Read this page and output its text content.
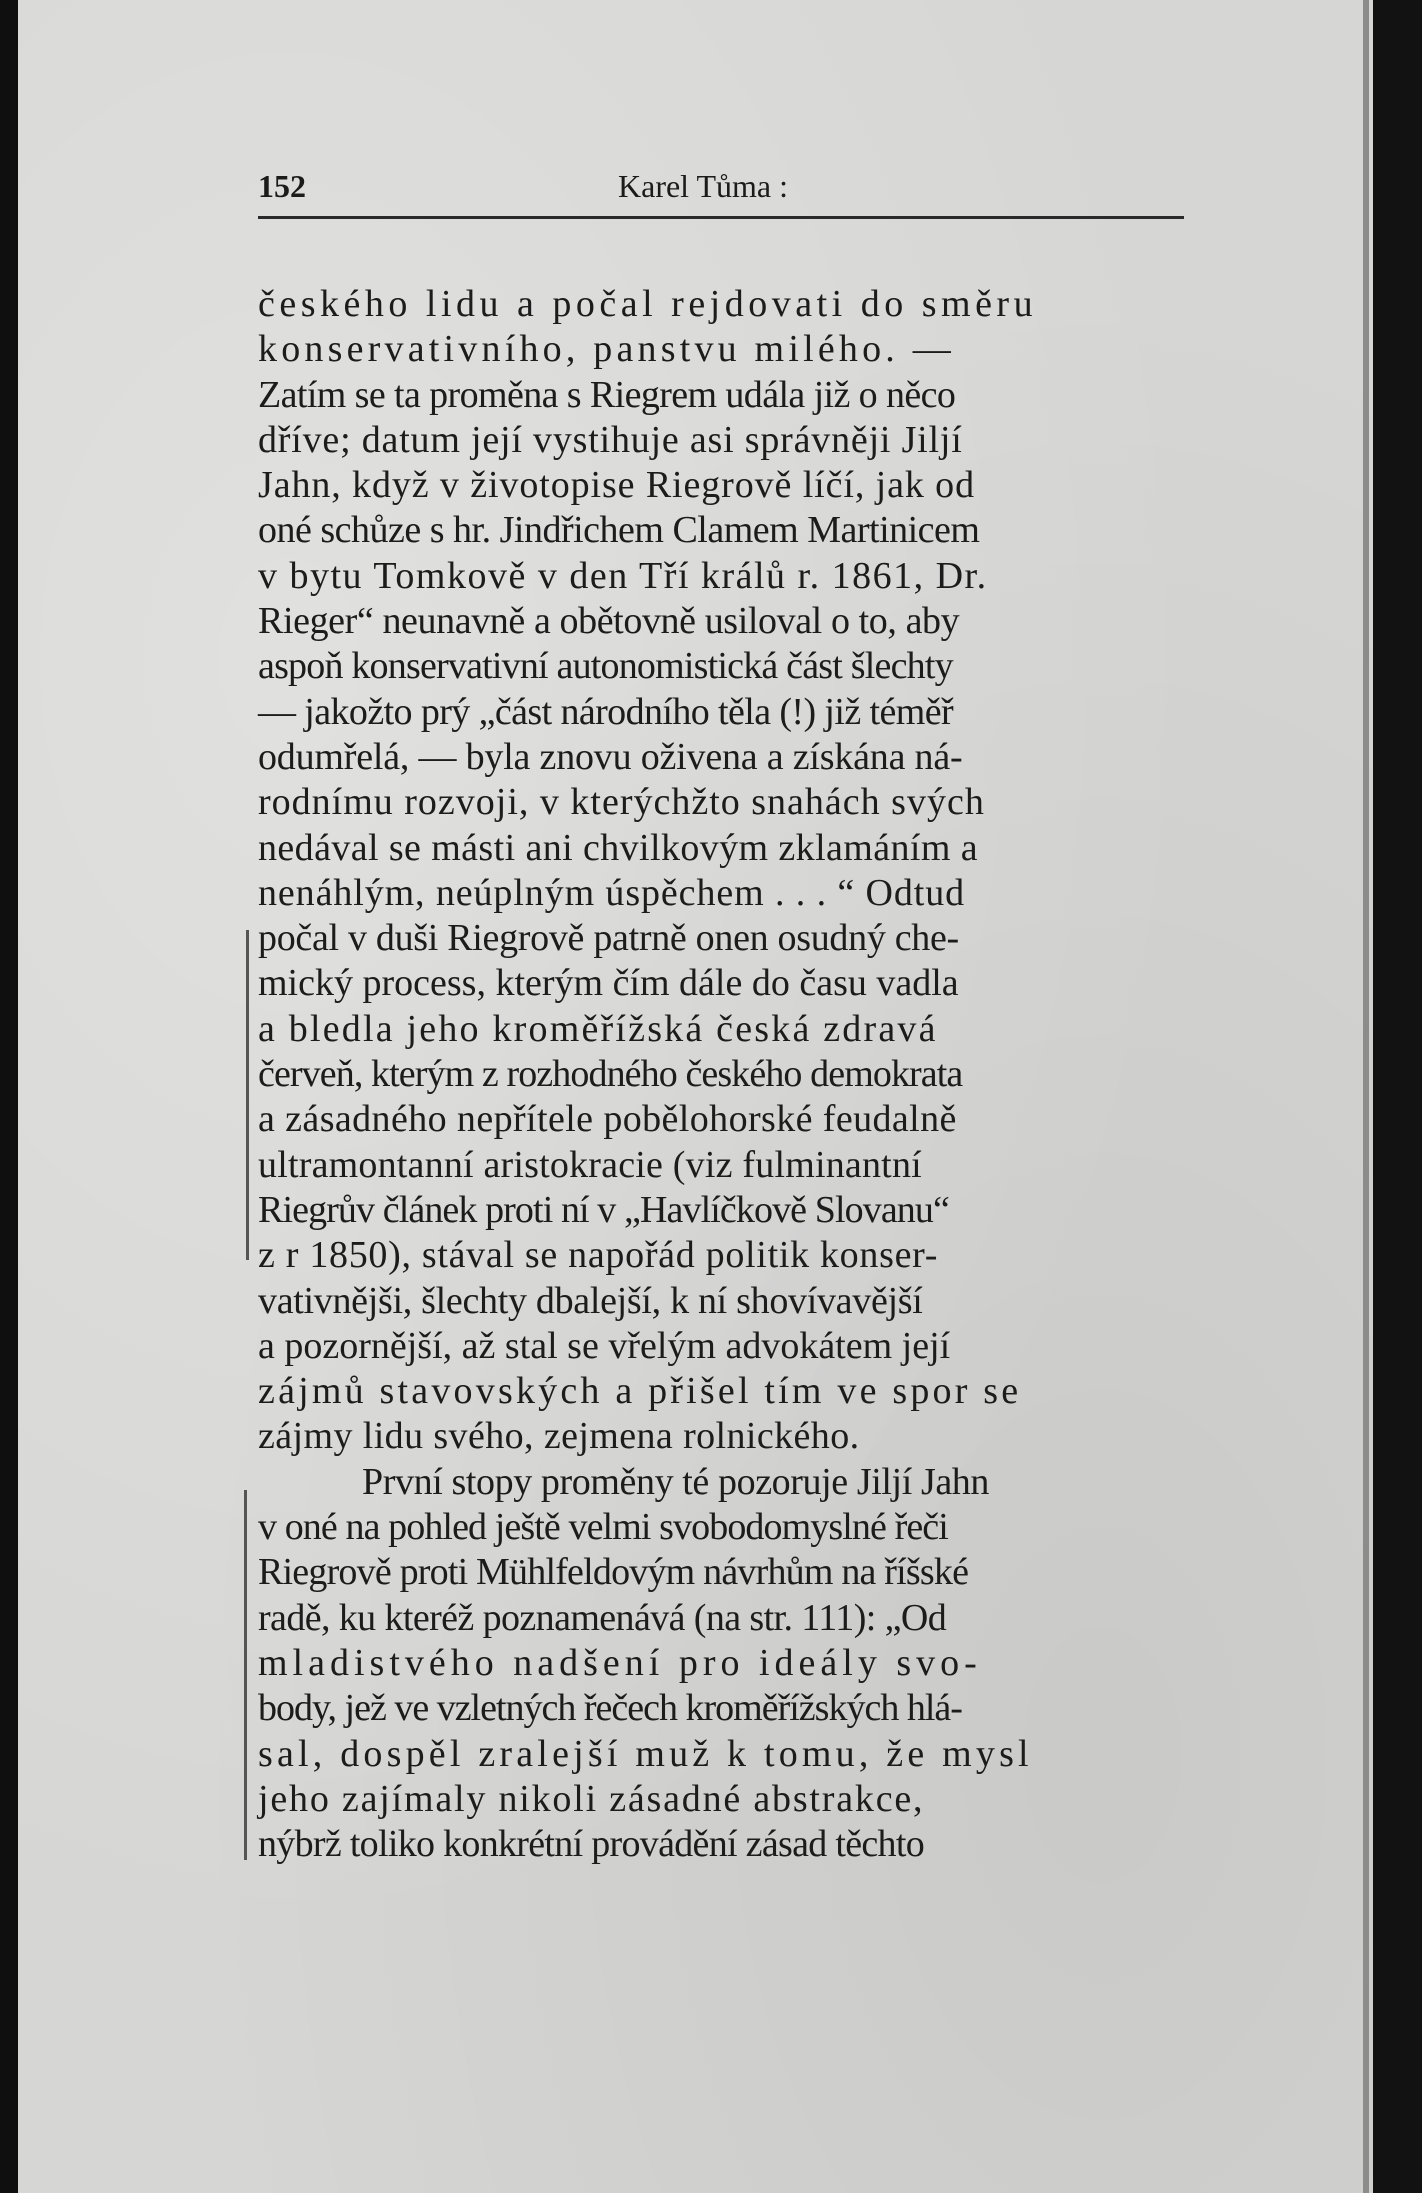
152	Karel Tůma :
českého lidu a počal rejdovati do směru
konservativního, panstvu milého. —
Zatím se ta proměna s Riegrem udála již o něco
dříve; datum její vystihuje asi správněji Jiljí
Jahn, když v životopise Riegrově líčí, jak od
oné schůze s hr. Jindřichem Clamem Martinicem
v bytu Tomkově v den Tří králů r. 1861, Dr.
Rieger“ neunavně a obětovně usiloval o to, aby
aspoň konservativní autonomistická část šlechty
— jakožto prý „část národního těla (!) již téměř
odumřelá, — byla znovu oživena a získána ná-
rodnímu rozvoji, v kterýchžto snahách svých
nedával se másti ani chvilkovým zklamáním a
nenáhlým, neúplným úspěchem . . . “ Odtud
počal v duši Riegrově patrně onen osudný che-
mický process, kterým čím dále do času vadla
a bledla jeho kroměřížská česká zdravá
červeň, kterým z rozhodného českého demokrata
a zásadného nepřítele pobělohorské feudalně
ultramontanní aristokracie (viz fulminantní
Riegrův článek proti ní v „Havlíčkově Slovanu“
z r 1850), stával se napořád politik konser-
vativnějši, šlechty dbalejší, k ní shovívavější
a pozornější, až stal se vřelým advokátem její
zájmů stavovských a přišel tím ve spor se
zájmy lidu svého, zejmena rolnického.
První stopy proměny té pozoruje Jiljí Jahn
v oné na pohled ještě velmi svobodomyslné řeči
Riegrově proti Mühlfeldovým návrhům na říšské
radě, ku kteréž poznamenává (na str. 111): „Od
mladistvého nadšení pro ideály svo-
body, jež ve vzletných řečech kroměřížských hlá-
sal, dospěl zralejší muž k tomu, že mysl
jeho zajímaly nikoli zásadné abstrakce,
nýbrž toliko konkrétní provádění zásad těchto
